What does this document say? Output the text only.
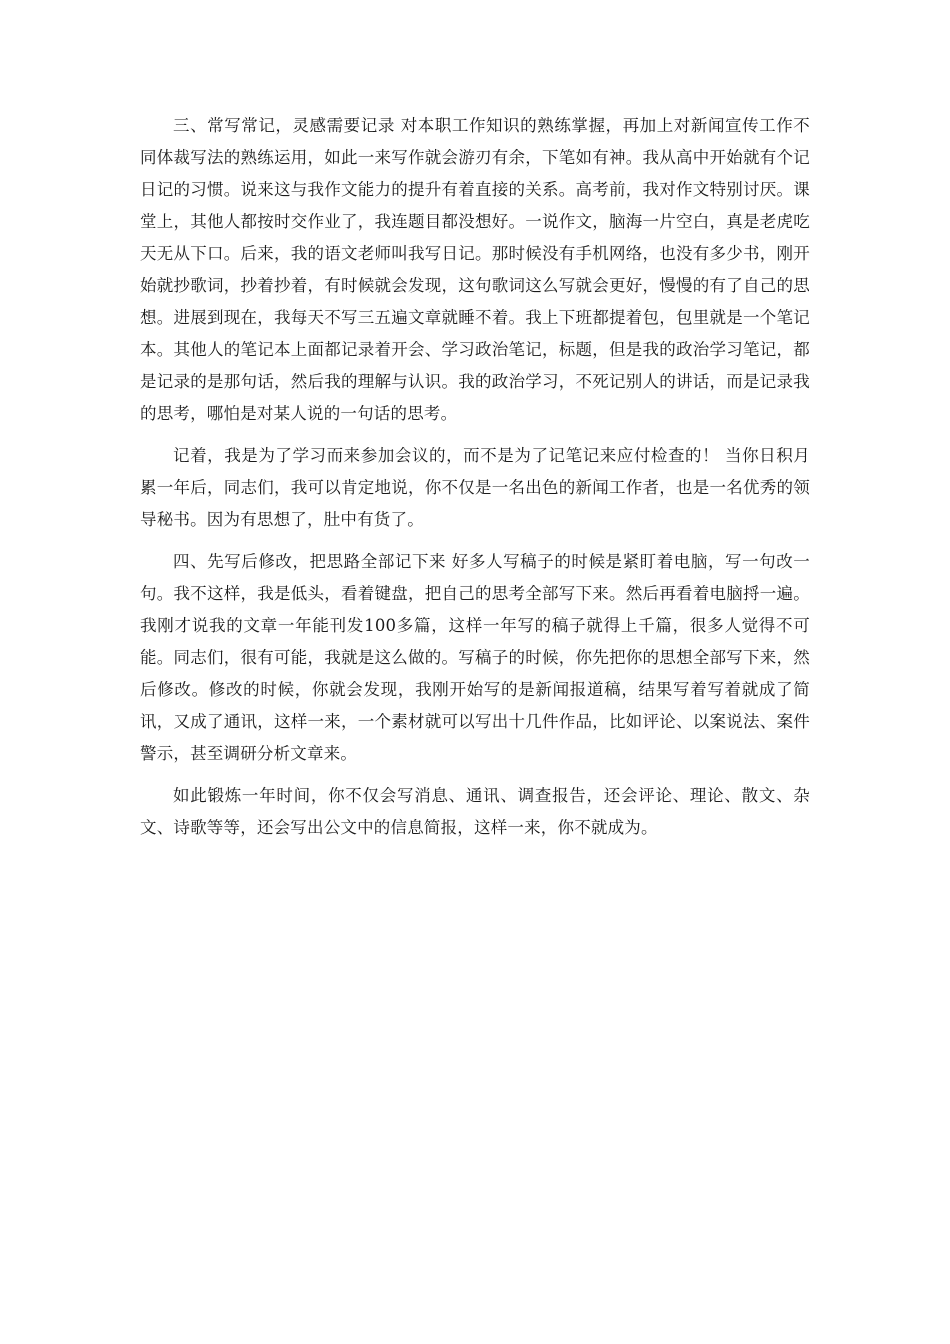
三、常写常记，灵感需要记录 对本职工作知识的熟练掌握，再加上对新闻宣传工作不同体裁写法的熟练运用，如此一来写作就会游刃有余，下笔如有神。我从高中开始就有个记日记的习惯。说来这与我作文能力的提升有着直接的关系。高考前，我对作文特别讨厌。课堂上，其他人都按时交作业了，我连题目都没想好。一说作文，脑海一片空白，真是老虎吃天无从下口。后来，我的语文老师叫我写日记。那时候没有手机网络，也没有多少书，刚开始就抄歌词，抄着抄着，有时候就会发现，这句歌词这么写就会更好，慢慢的有了自己的思想。进展到现在，我每天不写三五遍文章就睡不着。我上下班都提着包，包里就是一个笔记本。其他人的笔记本上面都记录着开会、学习政治笔记，标题，但是我的政治学习笔记，都是记录的是那句话，然后我的理解与认识。我的政治学习，不死记别人的讲话，而是记录我的思考，哪怕是对某人说的一句话的思考。

记着，我是为了学习而来参加会议的，而不是为了记笔记来应付检查的！ 当你日积月累一年后，同志们，我可以肯定地说，你不仅是一名出色的新闻工作者，也是一名优秀的领导秘书。因为有思想了，肚中有货了。

四、先写后修改，把思路全部记下来 好多人写稿子的时候是紧盯着电脑，写一句改一句。我不这样，我是低头，看着键盘，把自己的思考全部写下来。然后再看着电脑捋一遍。我刚才说我的文章一年能刊发100多篇，这样一年写的稿子就得上千篇，很多人觉得不可能。同志们，很有可能，我就是这么做的。写稿子的时候，你先把你的思想全部写下来，然后修改。修改的时候，你就会发现，我刚开始写的是新闻报道稿，结果写着写着就成了简讯，又成了通讯，这样一来，一个素材就可以写出十几件作品，比如评论、以案说法、案件警示，甚至调研分析文章来。

如此锻炼一年时间，你不仅会写消息、通讯、调查报告，还会评论、理论、散文、杂文、诗歌等等，还会写出公文中的信息简报，这样一来，你不就成为。
